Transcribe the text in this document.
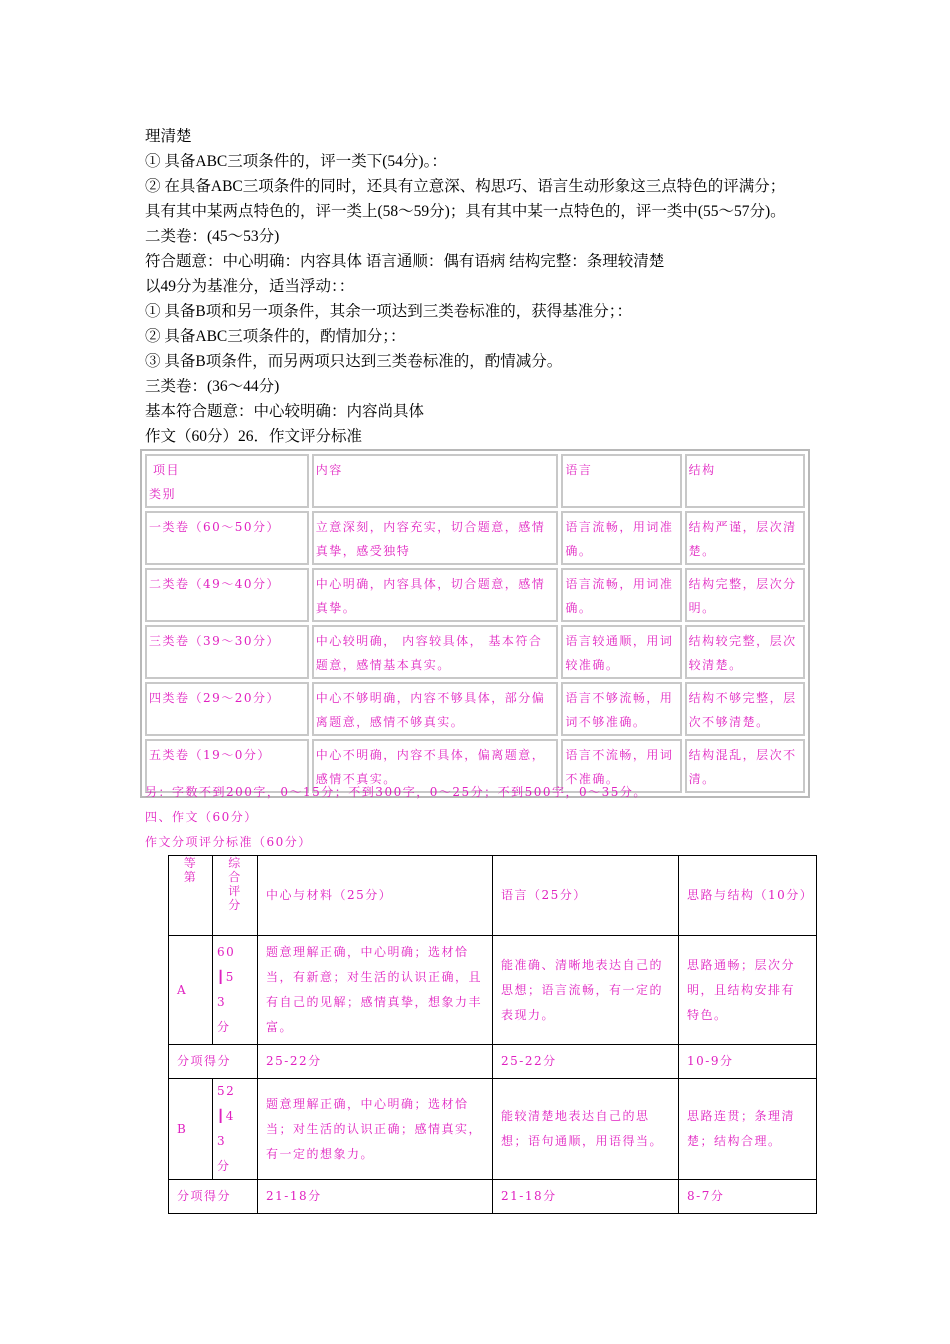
理清楚
① 具备ABC三项条件的，评一类下(54分)。：
② 在具备ABC三项条件的同时，还具有立意深、构思巧、语言生动形象这三点特色的评满分；
具有其中某两点特色的，评一类上(58～59分)；具有其中某一点特色的，评一类中(55～57分)。
二类卷：(45～53分)
符合题意：中心明确：内容具体 语言通顺：偶有语病 结构完整：条理较清楚
以49分为基准分，适当浮动：：
① 具备B项和另一项条件，其余一项达到三类卷标准的，获得基准分；：
② 具备ABC三项条件的，酌情加分；：
③ 具备B项条件，而另两项只达到三类卷标准的，酌情减分。
三类卷：(36～44分)
基本符合题意：中心较明确：内容尚具体
作文（60分）26．作文评分标准
项目
类别	内容	语言	结构
一类卷（60～50分）	立意深刻，内容充实，切合题意，感情真挚，感受独特	语言流畅，用词准确。	结构严谨，层次清楚。
二类卷（49～40分）	中心明确，内容具体，切合题意，感情真挚。	语言流畅，用词准确。	结构完整，层次分明。
三类卷（39～30分）	中心较明确， 内容较具体， 基本符合题意，感情基本真实。	语言较通顺，用词较准确。	结构较完整，层次较清楚。
四类卷（29～20分）	中心不够明确，内容不够具体，部分偏离题意，感情不够真实。	语言不够流畅，用词不够准确。	结构不够完整，层次不够清楚。
五类卷（19～0分）	中心不明确，内容不具体，偏离题意，感情不真实。	语言不流畅，用词不准确。	结构混乱，层次不清。
另：字数不到200字，0～15分；不到300字，0～25分；不到500字，0～35分。
四、作文（60分）
作文分项评分标准（60分）
等第	综合评分	中心与材料（25分）	语言（25分）	思路与结构（10分）
A	60┃53分	题意理解正确，中心明确；选材恰当，有新意；对生活的认识正确，且有自己的见解；感情真挚，想象力丰富。	能准确、清晰地表达自己的思想；语言流畅，有一定的表现力。	思路通畅；层次分明，且结构安排有特色。
分项得分		25-22分	25-22分	10-9分
B	52┃43分	题意理解正确，中心明确；选材恰当；对生活的认识正确；感情真实，有一定的想象力。	能较清楚地表达自己的思想；语句通顺，用语得当。	思路连贯；条理清楚；结构合理。
分项得分		21-18分	21-18分	8-7分
